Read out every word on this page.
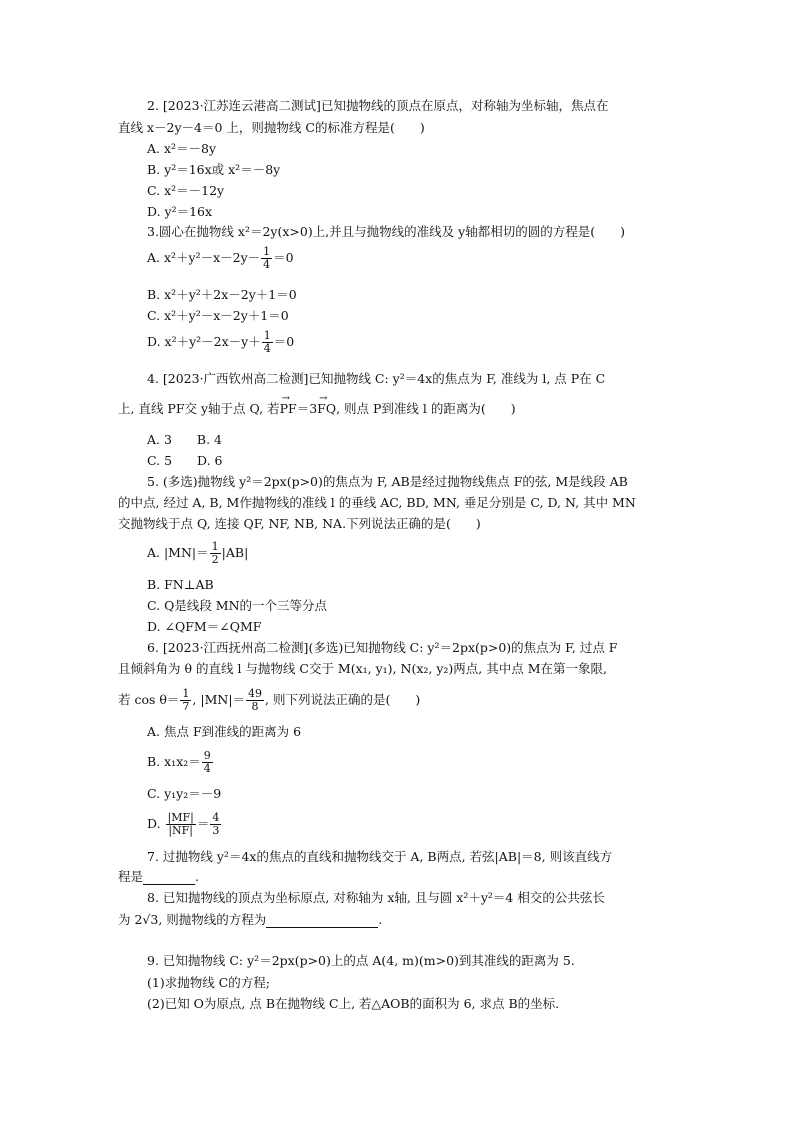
2. [2023·江苏连云港高二测试]已知抛物线的顶点在原点，对称轴为坐标轴，焦点在
直线 x－2y－4＝0 上，则抛物线 C的标准方程是(　　)
A. x²＝－8y
B. y²＝16x或 x²＝－8y
C. x²＝－12y
D. y²＝16x
3.圆心在抛物线 x²＝2y(x>0)上,并且与抛物线的准线及 y轴都相切的圆的方程是(　　)
A. $x^2+y^2-x-2y- \frac{1}{4} =0$
B. x²＋y²＋2x－2y＋1＝0
C. x²＋y²－x－2y＋1＝0
D. $x^2+y^2-2x-y+ \frac{1}{4} =0$
4. [2023·广西钦州高二检测]已知抛物线 C: y²＝4x的焦点为 F, 准线为 l, 点 P在 C
上, 直线 PF交 y轴于点 Q, 若→ PF＝3→ FQ, 则点 P到准线 l 的距离为(　　)
A. 3　　B. 4
C. 5　　D. 6
5. (多选)抛物线 y²＝2px(p>0)的焦点为 F, AB是经过抛物线焦点 F的弦, M是线段 AB
的中点, 经过 A, B, M作抛物线的准线 l 的垂线 AC, BD, MN, 垂足分别是 C, D, N, 其中 MN
交抛物线于点 Q, 连接 QF, NF, NB, NA.下列说法正确的是(　　)
A. $|MN|= \frac{1}{2} |AB|$
B. FN⊥AB
C. Q是线段 MN的一个三等分点
D. ∠QFM＝∠QMF
6. [2023·江西抚州高二检测](多选)已知抛物线 C: y²＝2px(p>0)的焦点为 F, 过点 F
且倾斜角为 θ 的直线 l 与抛物线 C交于 M(x₁, y₁), N(x₂, y₂)两点, 其中点 M在第一象限,
若 $\cos \theta= \frac{1}{7}$ , $|MN|= \frac{49}{8}$ , 则下列说法正确的是(　　)
A. 焦点 F到准线的距离为 6
B. $x_1x_2= \frac{9}{4}$
C. y₁y₂＝－9
D. $\frac{|MF|}{|NF|} = \frac{4}{3}$
7. 过抛物线 y²＝4x的焦点的直线和抛物线交于 A, B两点, 若弦|AB|＝8, 则该直线方
程是	.
8. 已知抛物线的顶点为坐标原点, 对称轴为 x轴, 且与圆 x²＋y²＝4 相交的公共弦长
为 2√3, 则抛物线的方程为	.
9. 已知抛物线 C: y²＝2px(p>0)上的点 A(4, m)(m>0)到其准线的距离为 5.
(1)求抛物线 C的方程;
(2)已知 O为原点, 点 B在抛物线 C上, 若△AOB的面积为 6, 求点 B的坐标.
